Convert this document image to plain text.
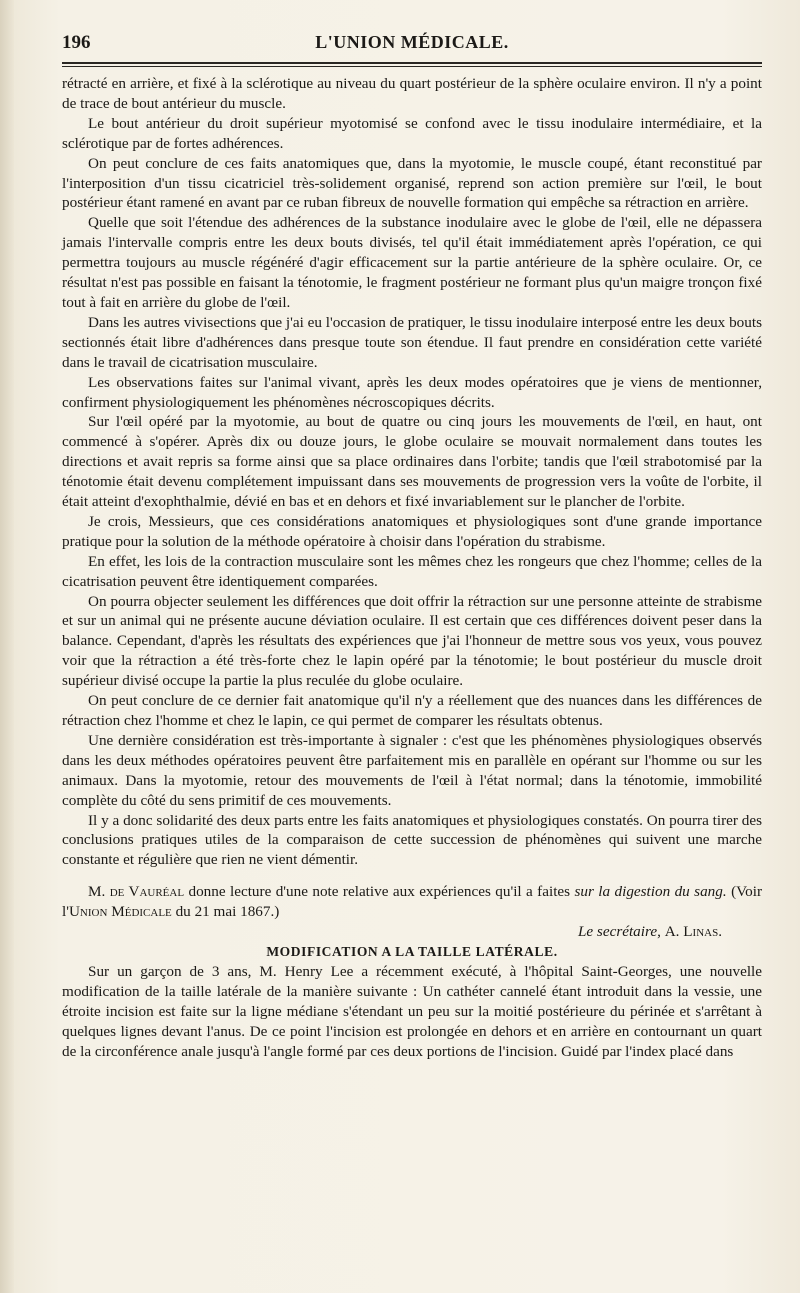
196	L'UNION MÉDICALE.

rétracté en arrière, et fixé à la sclérotique au niveau du quart postérieur de la sphère oculaire environ. Il n'y a point de trace de bout antérieur du muscle.

Le bout antérieur du droit supérieur myotomisé se confond avec le tissu inodulaire intermédiaire, et la sclérotique par de fortes adhérences.

On peut conclure de ces faits anatomiques que, dans la myotomie, le muscle coupé, étant reconstitué par l'interposition d'un tissu cicatriciel très-solidement organisé, reprend son action première sur l'œil, le bout postérieur étant ramené en avant par ce ruban fibreux de nouvelle formation qui empêche sa rétraction en arrière.

Quelle que soit l'étendue des adhérences de la substance inodulaire avec le globe de l'œil, elle ne dépassera jamais l'intervalle compris entre les deux bouts divisés, tel qu'il était immédiatement après l'opération, ce qui permettra toujours au muscle régénéré d'agir efficacement sur la partie antérieure de la sphère oculaire. Or, ce résultat n'est pas possible en faisant la ténotomie, le fragment postérieur ne formant plus qu'un maigre tronçon fixé tout à fait en arrière du globe de l'œil.

Dans les autres vivisections que j'ai eu l'occasion de pratiquer, le tissu inodulaire interposé entre les deux bouts sectionnés était libre d'adhérences dans presque toute son étendue. Il faut prendre en considération cette variété dans le travail de cicatrisation musculaire.

Les observations faites sur l'animal vivant, après les deux modes opératoires que je viens de mentionner, confirment physiologiquement les phénomènes nécroscopiques décrits.

Sur l'œil opéré par la myotomie, au bout de quatre ou cinq jours les mouvements de l'œil, en haut, ont commencé à s'opérer. Après dix ou douze jours, le globe oculaire se mouvait normalement dans toutes les directions et avait repris sa forme ainsi que sa place ordinaires dans l'orbite; tandis que l'œil strabotomisé par la ténotomie était devenu complétement impuissant dans ses mouvements de progression vers la voûte de l'orbite, il était atteint d'exophthalmie, dévié en bas et en dehors et fixé invariablement sur le plancher de l'orbite.

Je crois, Messieurs, que ces considérations anatomiques et physiologiques sont d'une grande importance pratique pour la solution de la méthode opératoire à choisir dans l'opération du strabisme.

En effet, les lois de la contraction musculaire sont les mêmes chez les rongeurs que chez l'homme; celles de la cicatrisation peuvent être identiquement comparées.

On pourra objecter seulement les différences que doit offrir la rétraction sur une personne atteinte de strabisme et sur un animal qui ne présente aucune déviation oculaire. Il est certain que ces différences doivent peser dans la balance. Cependant, d'après les résultats des expériences que j'ai l'honneur de mettre sous vos yeux, vous pouvez voir que la rétraction a été très-forte chez le lapin opéré par la ténotomie; le bout postérieur du muscle droit supérieur divisé occupe la partie la plus reculée du globe oculaire.

On peut conclure de ce dernier fait anatomique qu'il n'y a réellement que des nuances dans les différences de rétraction chez l'homme et chez le lapin, ce qui permet de comparer les résultats obtenus.

Une dernière considération est très-importante à signaler : c'est que les phénomènes physiologiques observés dans les deux méthodes opératoires peuvent être parfaitement mis en parallèle en opérant sur l'homme ou sur les animaux. Dans la myotomie, retour des mouvements de l'œil à l'état normal; dans la ténotomie, immobilité complète du côté du sens primitif de ces mouvements.

Il y a donc solidarité des deux parts entre les faits anatomiques et physiologiques constatés. On pourra tirer des conclusions pratiques utiles de la comparaison de cette succession de phénomènes qui suivent une marche constante et régulière que rien ne vient démentir.

M. de Vauréal donne lecture d'une note relative aux expériences qu'il a faites sur la digestion du sang. (Voir l'Union Médicale du 21 mai 1867.)

Le secrétaire, A. Linas.

MODIFICATION A LA TAILLE LATÉRALE.

Sur un garçon de 3 ans, M. Henry Lee a récemment exécuté, à l'hôpital Saint-Georges, une nouvelle modification de la taille latérale de la manière suivante : Un cathéter cannelé étant introduit dans la vessie, une étroite incision est faite sur la ligne médiane s'étendant un peu sur la moitié postérieure du périnée et s'arrêtant à quelques lignes devant l'anus. De ce point l'incision est prolongée en dehors et en arrière en contournant un quart de la circonférence anale jusqu'à l'angle formé par ces deux portions de l'incision. Guidé par l'index placé dans
